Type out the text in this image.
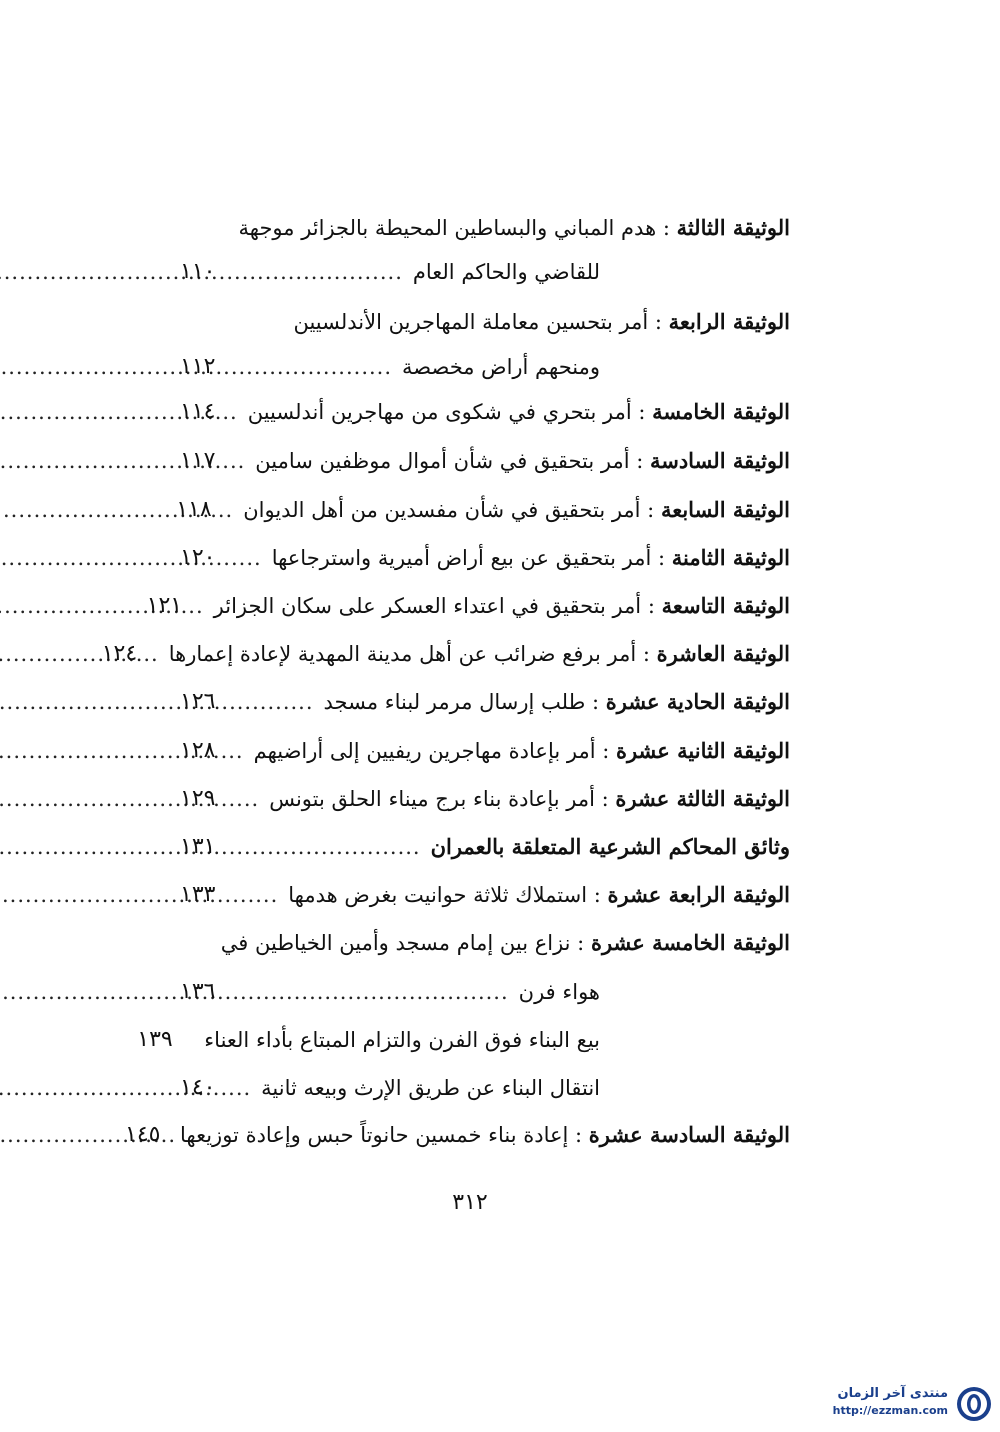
الوثيقة الثالثة : هدم المباني والبساطين المحيطة بالجزائر موجهة
للقاضي والحاكم العام
.....
١١٠
الوثيقة الرابعة : أمر بتحسين معاملة المهاجرين الأندلسيين
ومنحهم أراض مخصصة
.....
١١٢
الوثيقة الخامسة : أمر بتحري في شكوى من مهاجرين أندلسيين
.....
١١٤
الوثيقة السادسة : أمر بتحقيق في شأن أموال موظفين سامين
.....
١١٧
الوثيقة السابعة : أمر بتحقيق في شأن مفسدين من أهل الديوان
.....
١١٨
الوثيقة الثامنة : أمر بتحقيق عن بيع أراض أميرية واسترجاعها
.....
١٢٠
الوثيقة التاسعة : أمر بتحقيق في اعتداء العسكر على سكان الجزائر
.....
١٢١
الوثيقة العاشرة : أمر برفع ضرائب عن أهل مدينة المهدية لإعادة إعمارها
.....
١٢٤
الوثيقة الحادية عشرة : طلب إرسال مرمر لبناء مسجد
.....
١٢٦
الوثيقة الثانية عشرة : أمر بإعادة مهاجرين ريفيين إلى أراضيهم
.....
١٢٨
الوثيقة الثالثة عشرة : أمر بإعادة بناء برج ميناء الحلق بتونس
.....
١٢٩
وثائق المحاكم الشرعية المتعلقة بالعمران
.....
١٣١
الوثيقة الرابعة عشرة : استملاك ثلاثة حوانيت بغرض هدمها
.....
١٣٣
الوثيقة الخامسة عشرة : نزاع بين إمام مسجد وأمين الخياطين في
هواء فرن
.....
١٣٦
بيع البناء فوق الفرن والتزام المبتاع بأداء العناء
١٣٩
انتقال البناء عن طريق الإرث وبيعه ثانية
.....
١٤٠
الوثيقة السادسة عشرة : إعادة بناء خمسين حانوتاً حبس وإعادة توزيعها
.....
١٤٥
٣١٢
منتدى آخر الزمان
http://ezzman.com
